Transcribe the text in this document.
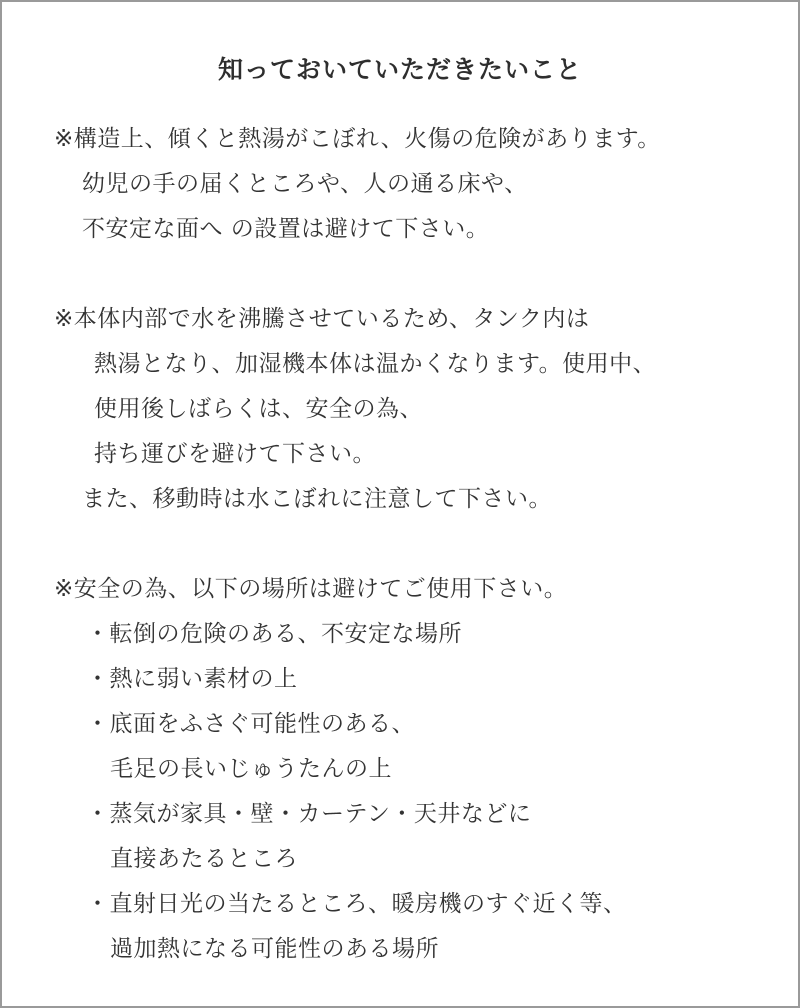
知っておいていただきたいこと
※構造上、傾くと熱湯がこぼれ、火傷の危険があります。
幼児の手の届くところや、人の通る床や、
不安定な面へ の設置は避けて下さい。
※本体内部で水を沸騰させているため、タンク内は
熱湯となり、加湿機本体は温かくなります。使用中、
使用後しばらくは、安全の為、
持ち運びを避けて下さい。
また、移動時は水こぼれに注意して下さい。
※安全の為、以下の場所は避けてご使用下さい。
・転倒の危険のある、不安定な場所
・熱に弱い素材の上
・底面をふさぐ可能性のある、
毛足の長いじゅうたんの上
・蒸気が家具・壁・カーテン・天井などに
直接あたるところ
・直射日光の当たるところ、暖房機のすぐ近く等、
過加熱になる可能性のある場所
